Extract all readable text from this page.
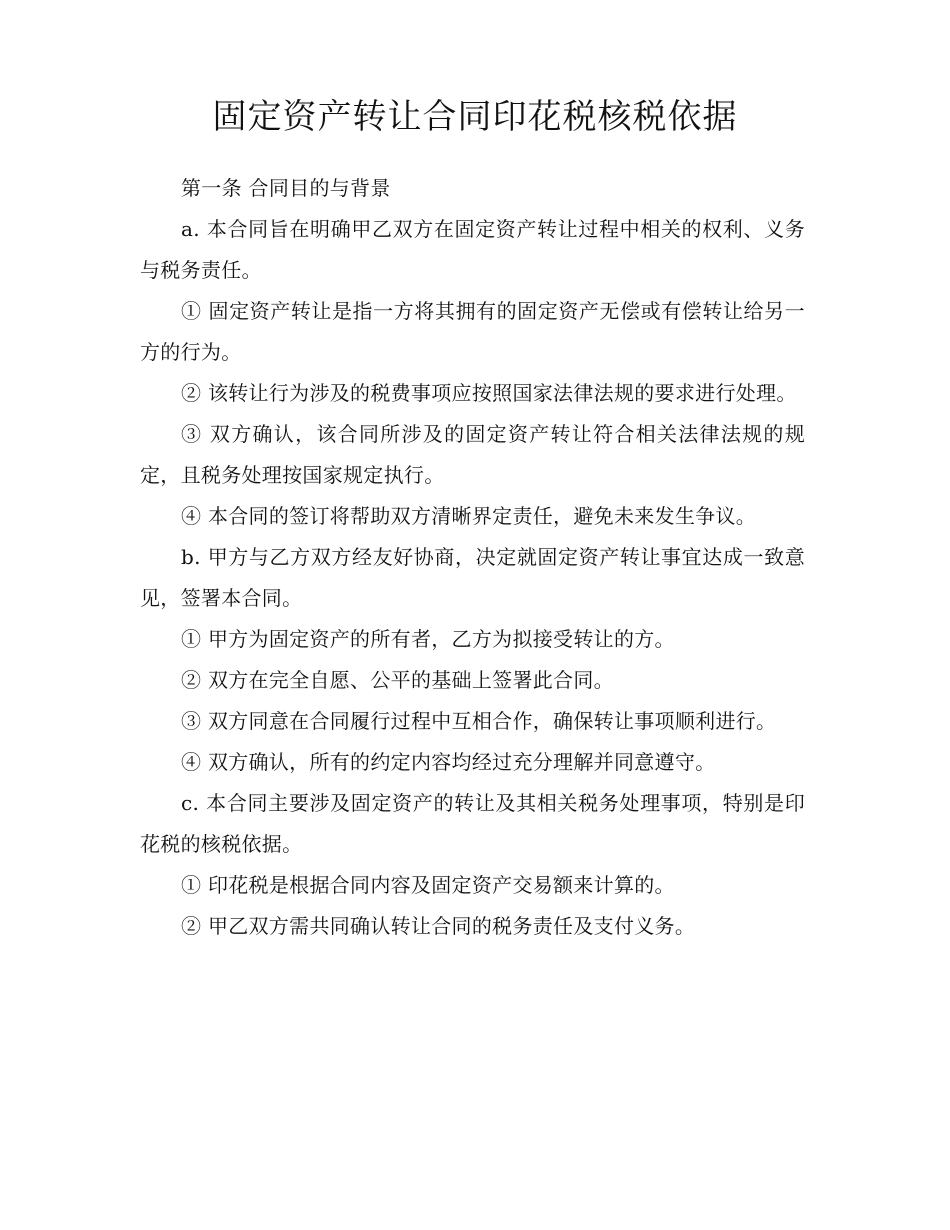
固定资产转让合同印花税核税依据

第一条 合同目的与背景

a. 本合同旨在明确甲乙双方在固定资产转让过程中相关的权利、义务与税务责任。

① 固定资产转让是指一方将其拥有的固定资产无偿或有偿转让给另一方的行为。

② 该转让行为涉及的税费事项应按照国家法律法规的要求进行处理。

③ 双方确认，该合同所涉及的固定资产转让符合相关法律法规的规定，且税务处理按国家规定执行。

④ 本合同的签订将帮助双方清晰界定责任，避免未来发生争议。

b. 甲方与乙方双方经友好协商，决定就固定资产转让事宜达成一致意见，签署本合同。

① 甲方为固定资产的所有者，乙方为拟接受转让的方。

② 双方在完全自愿、公平的基础上签署此合同。

③ 双方同意在合同履行过程中互相合作，确保转让事项顺利进行。

④ 双方确认，所有的约定内容均经过充分理解并同意遵守。

c. 本合同主要涉及固定资产的转让及其相关税务处理事项，特别是印花税的核税依据。

① 印花税是根据合同内容及固定资产交易额来计算的。

② 甲乙双方需共同确认转让合同的税务责任及支付义务。
